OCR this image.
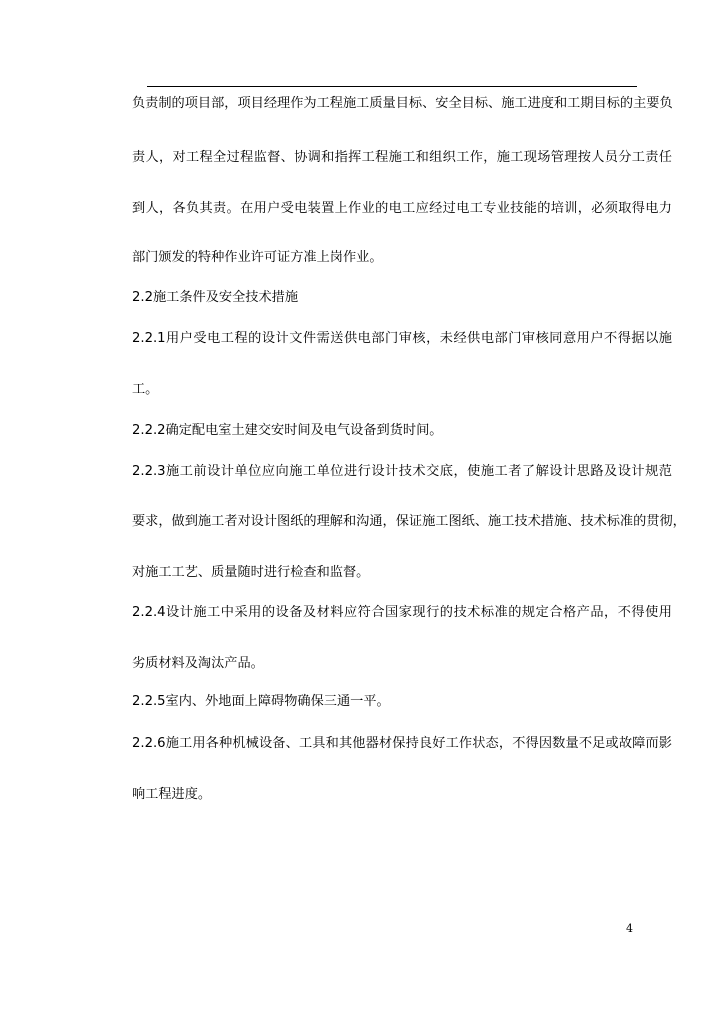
负责制的项目部，项目经理作为工程施工质量目标、安全目标、施工进度和工期目标的主要负
责人，对工程全过程监督、协调和指挥工程施工和组织工作，施工现场管理按人员分工责任
到人，各负其责。在用户受电装置上作业的电工应经过电工专业技能的培训，必须取得电力
部门颁发的特种作业许可证方准上岗作业。
2.2施工条件及安全技术措施
2.2.1用户受电工程的设计文件需送供电部门审核，未经供电部门审核同意用户不得据以施
工。
2.2.2确定配电室土建交安时间及电气设备到货时间。
2.2.3施工前设计单位应向施工单位进行设计技术交底，使施工者了解设计思路及设计规范
要求，做到施工者对设计图纸的理解和沟通，保证施工图纸、施工技术措施、技术标准的贯彻，
对施工工艺、质量随时进行检查和监督。
2.2.4设计施工中采用的设备及材料应符合国家现行的技术标准的规定合格产品，不得使用
劣质材料及淘汰产品。
2.2.5室内、外地面上障碍物确保三通一平。
2.2.6施工用各种机械设备、工具和其他器材保持良好工作状态，不得因数量不足或故障而影
响工程进度。
4
